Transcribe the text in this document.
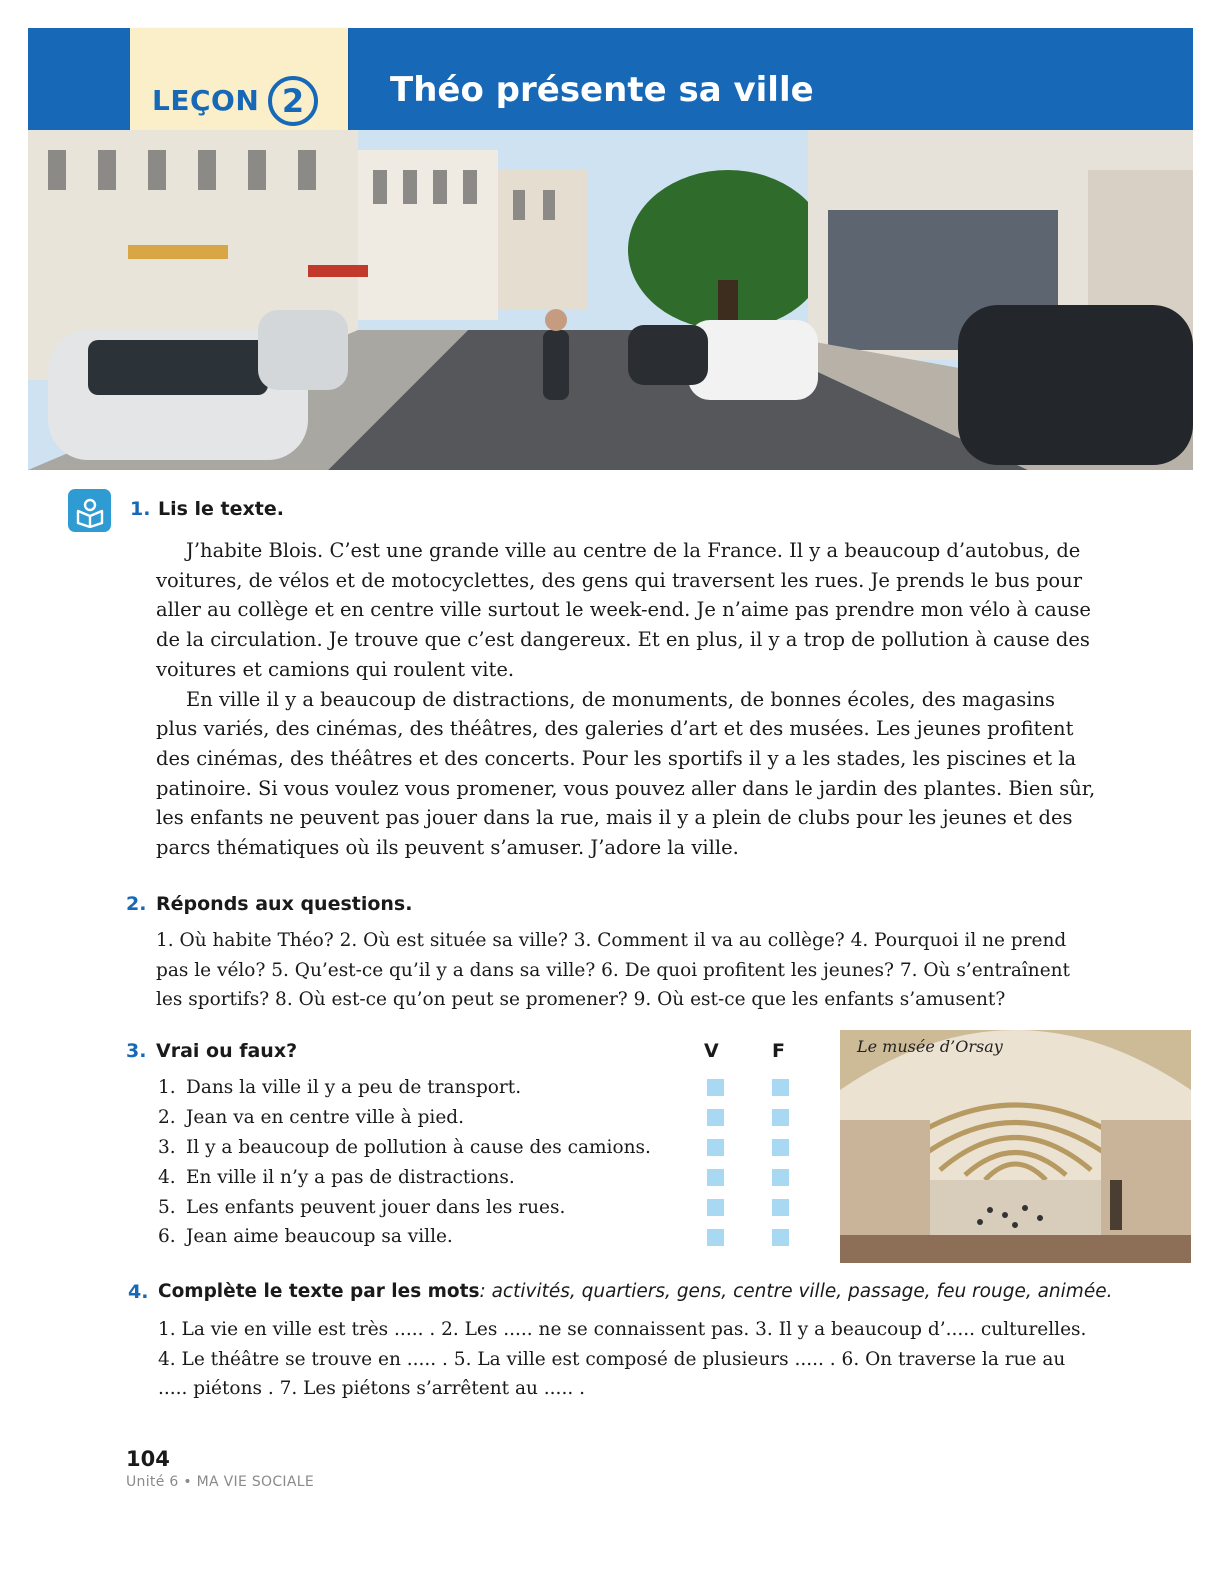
LEÇON 2	Théo présente sa ville
1. Lis le texte.

J’habite Blois. C’est une grande ville au centre de la France. Il y a beaucoup d’autobus, de voitures, de vélos et de motocyclettes, des gens qui traversent les rues. Je prends le bus pour aller au collège et en centre ville surtout le week-end. Je n’aime pas prendre mon vélo à cause de la circulation. Je trouve que c’est dangereux. Et en plus, il y a trop de pollution à cause des voitures et camions qui roulent vite.

En ville il y a beaucoup de distractions, de monuments, de bonnes écoles, des magasins plus variés, des cinémas, des théâtres, des galeries d’art et des musées. Les jeunes profitent des cinémas, des théâtres et des concerts. Pour les sportifs il y a les stades, les piscines et la patinoire. Si vous voulez vous promener, vous pouvez aller dans le jardin des plantes. Bien sûr, les enfants ne peuvent pas jouer dans la rue, mais il y a plein de clubs pour les jeunes et des parcs thématiques où ils peuvent s’amuser. J’adore la ville.

2. Réponds aux questions.
1. Où habite Théo? 2. Où est située sa ville? 3. Comment il va au collège? 4. Pourquoi il ne prend pas le vélo? 5. Qu’est-ce qu’il y a dans sa ville? 6. De quoi profitent les jeunes? 7. Où s’entraînent les sportifs? 8. Où est-ce qu’on peut se promener? 9. Où est-ce que les enfants s’amusent?
3. Vrai ou faux?	V	F
1. Dans la ville il y a peu de transport.
2. Jean va en centre ville à pied.
3. Il y a beaucoup de pollution à cause des camions.
4. En ville il n’y a pas de distractions.
5. Les enfants peuvent jouer dans les rues.
6. Jean aime beaucoup sa ville.
Le musée d’Orsay
4. Complète le texte par les mots: activités, quartiers, gens, centre ville, passage, feu rouge, animée.
1. La vie en ville est très ..... . 2. Les ..... ne se connaissent pas. 3. Il y a beaucoup d’..... culturelles. 4. Le théâtre se trouve en ..... . 5. La ville est composé de plusieurs ..... . 6. On traverse la rue au ..... piétons . 7. Les piétons s’arrêtent au ..... .
104
Unité 6 • MA VIE SOCIALE
